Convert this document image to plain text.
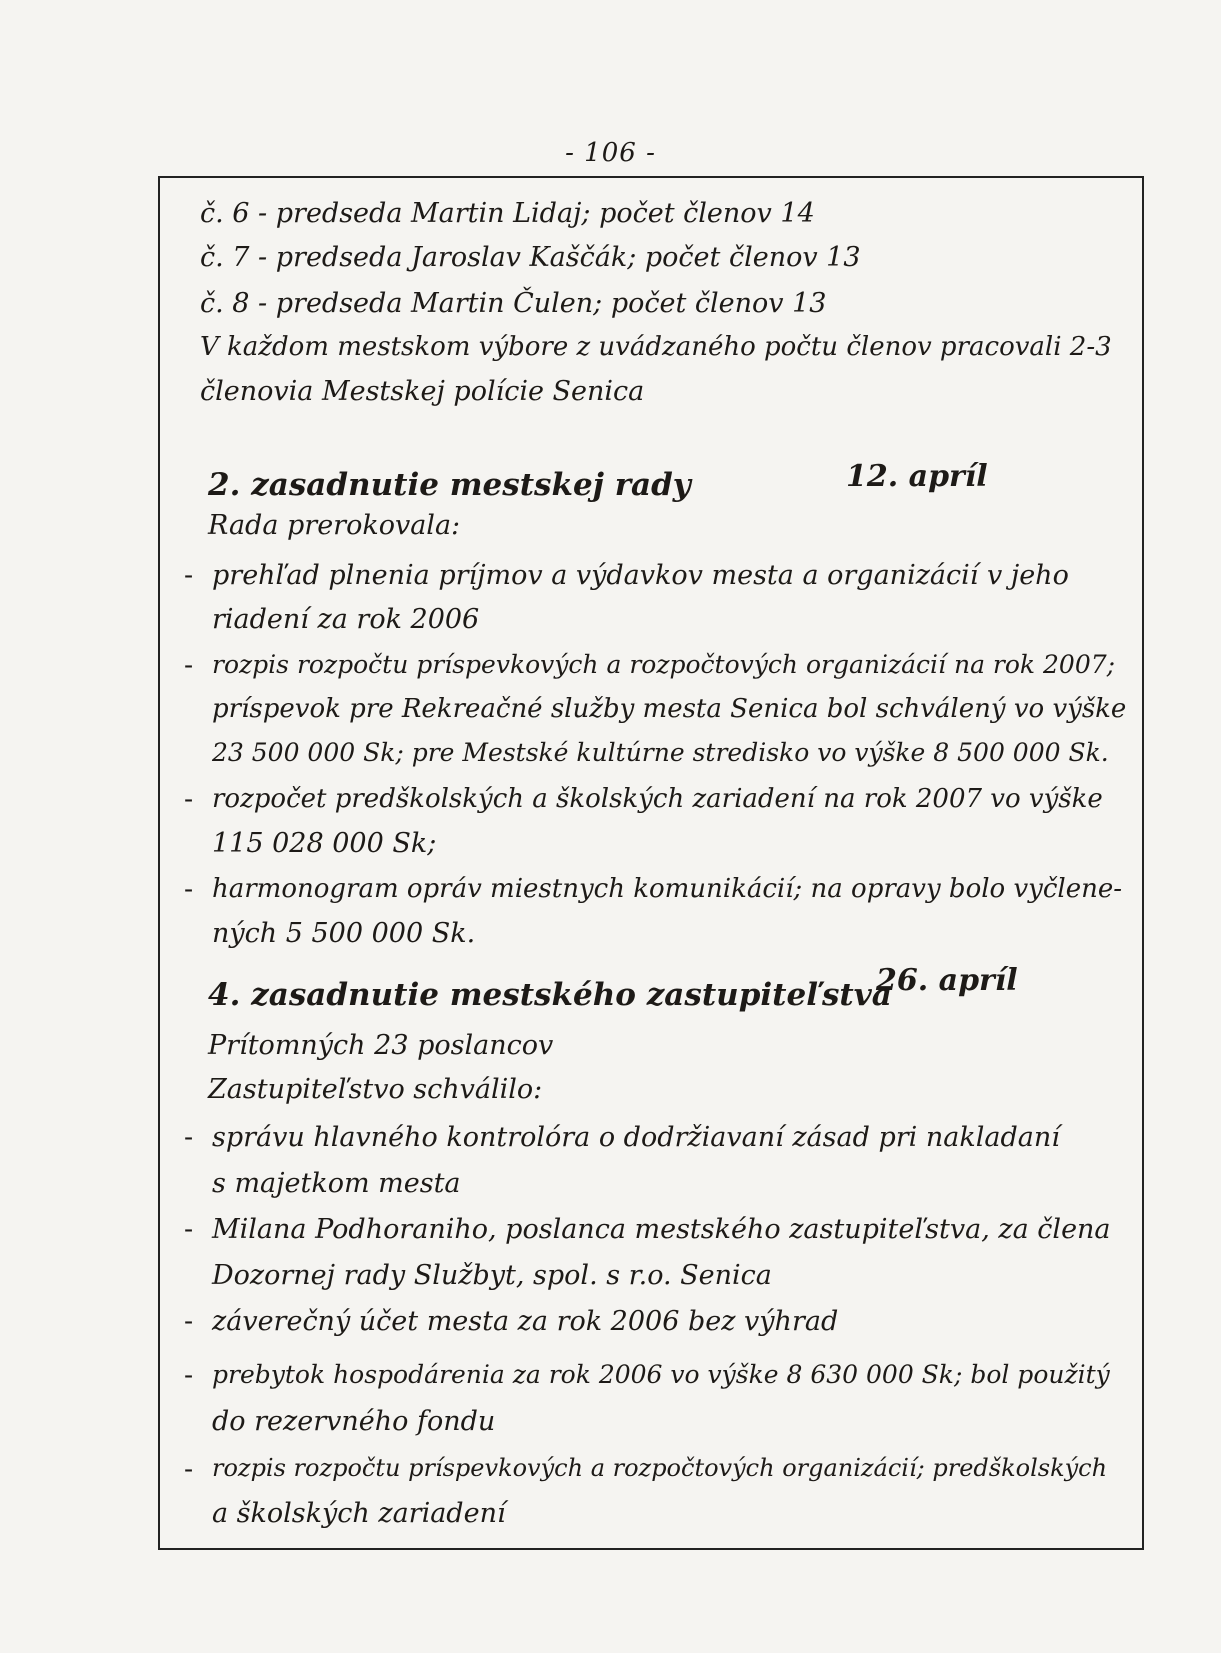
- 106 -
č. 6 - predseda Martin Lidaj; počet členov 14
č. 7 - predseda Jaroslav Kaščák; počet členov 13
č. 8 - predseda Martin Čulen; počet členov 13
V každom mestskom výbore z uvádzaného počtu členov pracovali 2-3
členovia Mestskej polície Senica
2. zasadnutie mestskej rady	12. apríl
Rada prerokovala:
- prehľad plnenia príjmov a výdavkov mesta a organizácií v jeho
riadení za rok 2006
- rozpis rozpočtu príspevkových a rozpočtových organizácií na rok 2007;
príspevok pre Rekreačné služby mesta Senica bol schválený vo výške
23 500 000 Sk; pre Mestské kultúrne stredisko vo výške 8 500 000 Sk.
- rozpočet predškolských a školských zariadení na rok 2007 vo výške
115 028 000 Sk;
- harmonogram opráv miestnych komunikácií; na opravy bolo vyčlene-
ných 5 500 000 Sk.
4. zasadnutie mestského zastupiteľstva
26. apríl
Prítomných 23 poslancov
Zastupiteľstvo schválilo:
- správu hlavného kontrolóra o dodržiavaní zásad pri nakladaní
s majetkom mesta
- Milana Podhoraniho, poslanca mestského zastupiteľstva, za člena
Dozornej rady Službyt, spol. s r.o. Senica
- záverečný účet mesta za rok 2006 bez výhrad
- prebytok hospodárenia za rok 2006 vo výške 8 630 000 Sk; bol použitý
do rezervného fondu
- rozpis rozpočtu príspevkových a rozpočtových organizácií; predškolských
a školských zariadení
